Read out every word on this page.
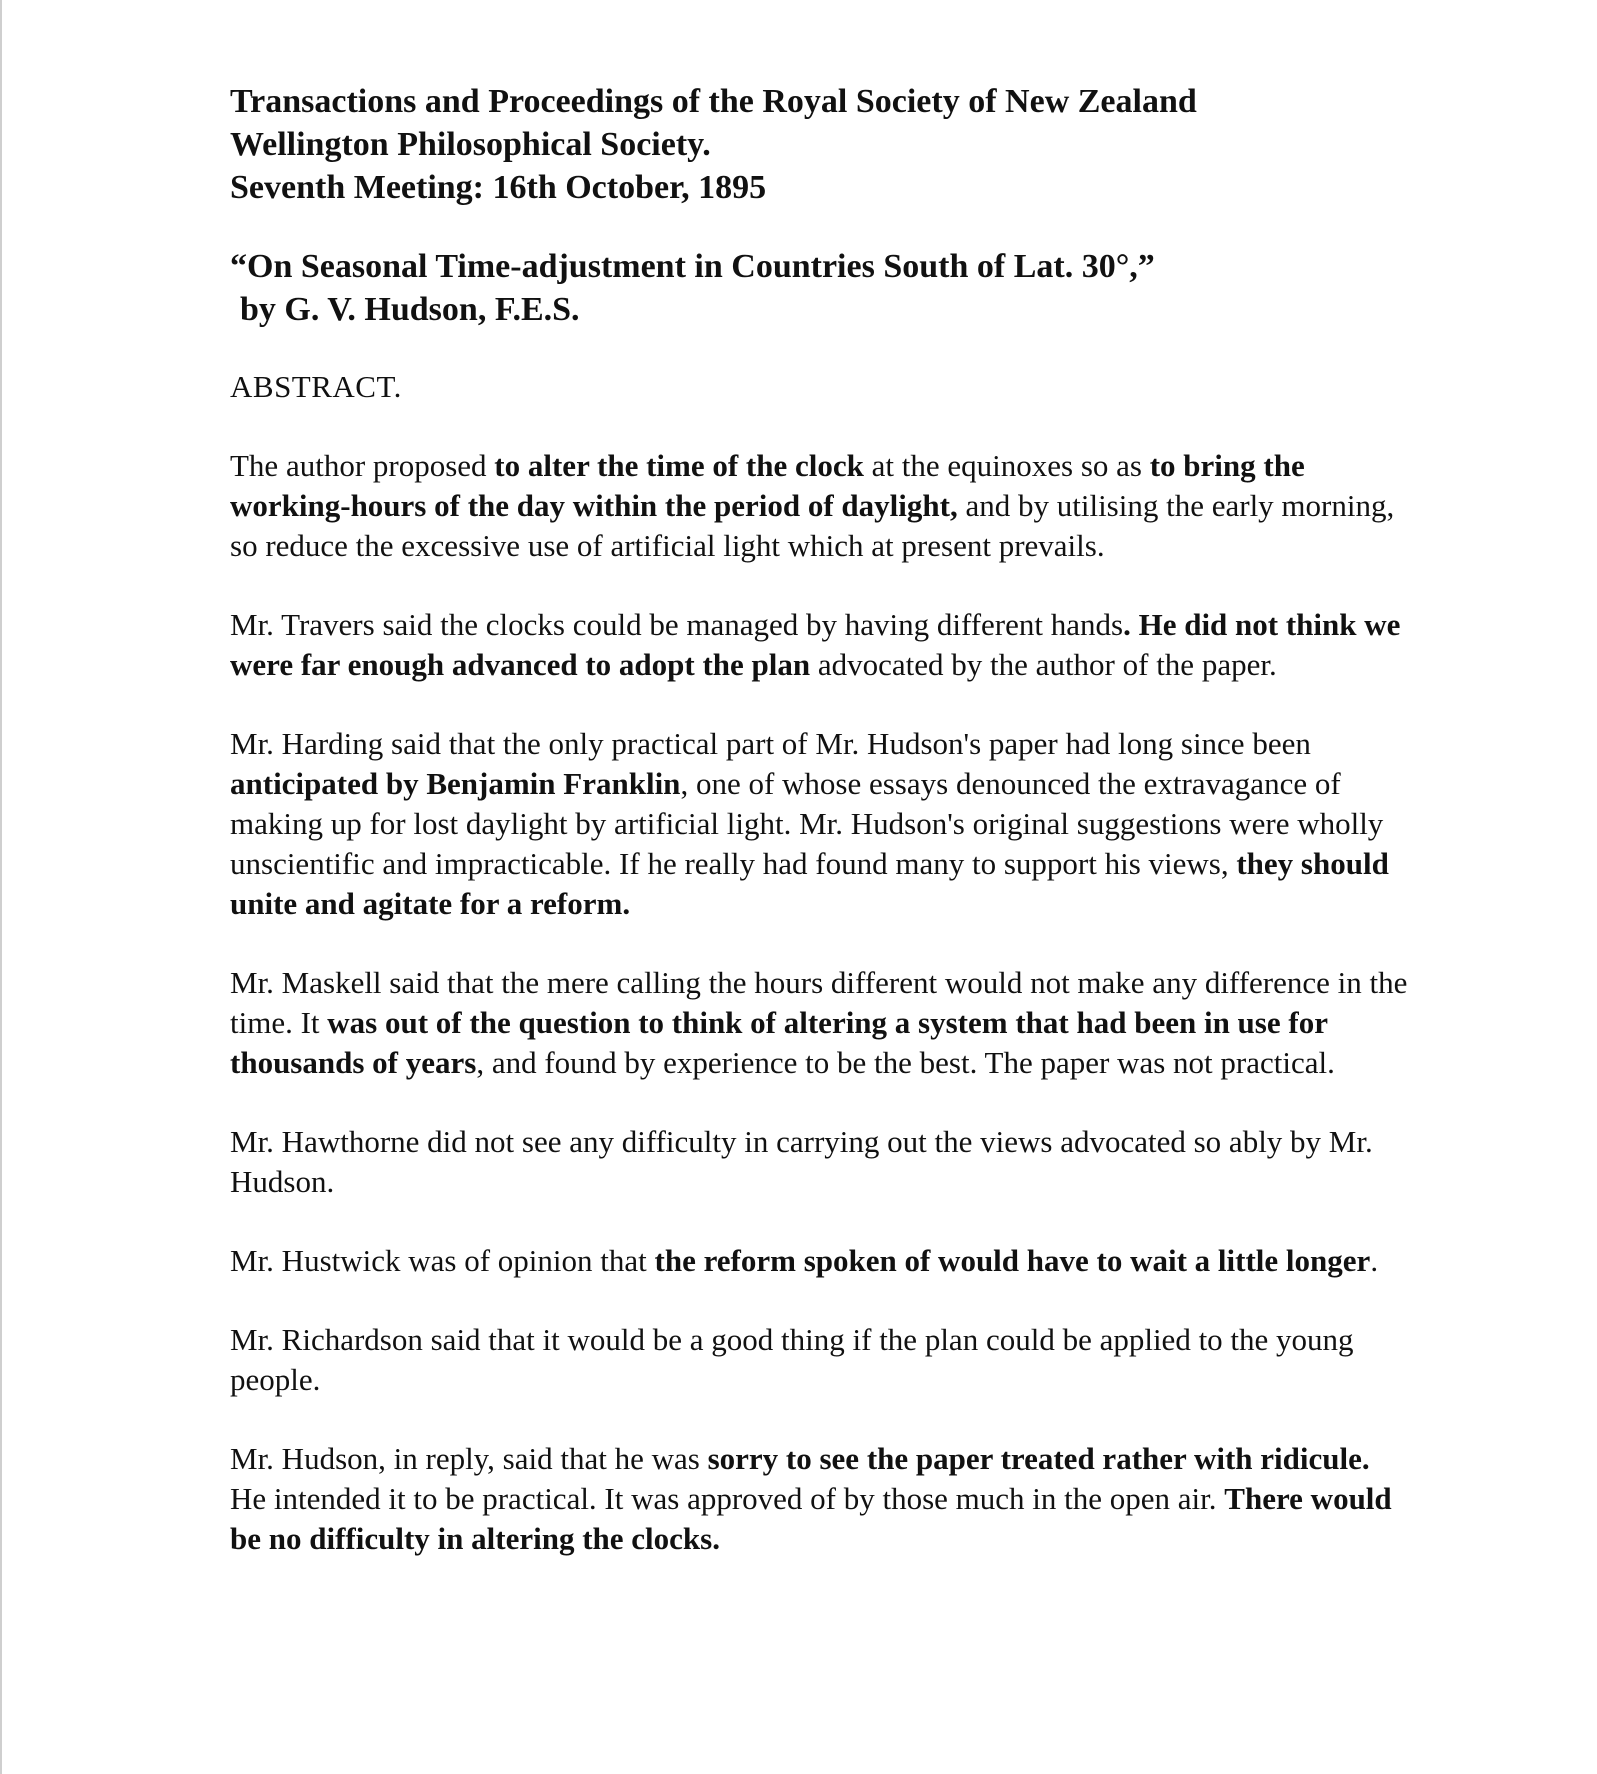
Transactions and Proceedings of the Royal Society of New Zealand
Wellington Philosophical Society.
Seventh Meeting: 16th October, 1895
“On Seasonal Time-adjustment in Countries South of Lat. 30°,”
by G. V. Hudson, F.E.S.
ABSTRACT.

The author proposed to alter the time of the clock at the equinoxes so as to bring the working-hours of the day within the period of daylight, and by utilising the early morning, so reduce the excessive use of artificial light which at present prevails.

Mr. Travers said the clocks could be managed by having different hands. He did not think we were far enough advanced to adopt the plan advocated by the author of the paper.

Mr. Harding said that the only practical part of Mr. Hudson's paper had long since been anticipated by Benjamin Franklin, one of whose essays denounced the extravagance of making up for lost daylight by artificial light. Mr. Hudson's original suggestions were wholly unscientific and impracticable. If he really had found many to support his views, they should unite and agitate for a reform.

Mr. Maskell said that the mere calling the hours different would not make any difference in the time. It was out of the question to think of altering a system that had been in use for thousands of years, and found by experience to be the best. The paper was not practical.

Mr. Hawthorne did not see any difficulty in carrying out the views advocated so ably by Mr. Hudson.

Mr. Hustwick was of opinion that the reform spoken of would have to wait a little longer.

Mr. Richardson said that it would be a good thing if the plan could be applied to the young people.

Mr. Hudson, in reply, said that he was sorry to see the paper treated rather with ridicule. He intended it to be practical. It was approved of by those much in the open air. There would be no difficulty in altering the clocks.
